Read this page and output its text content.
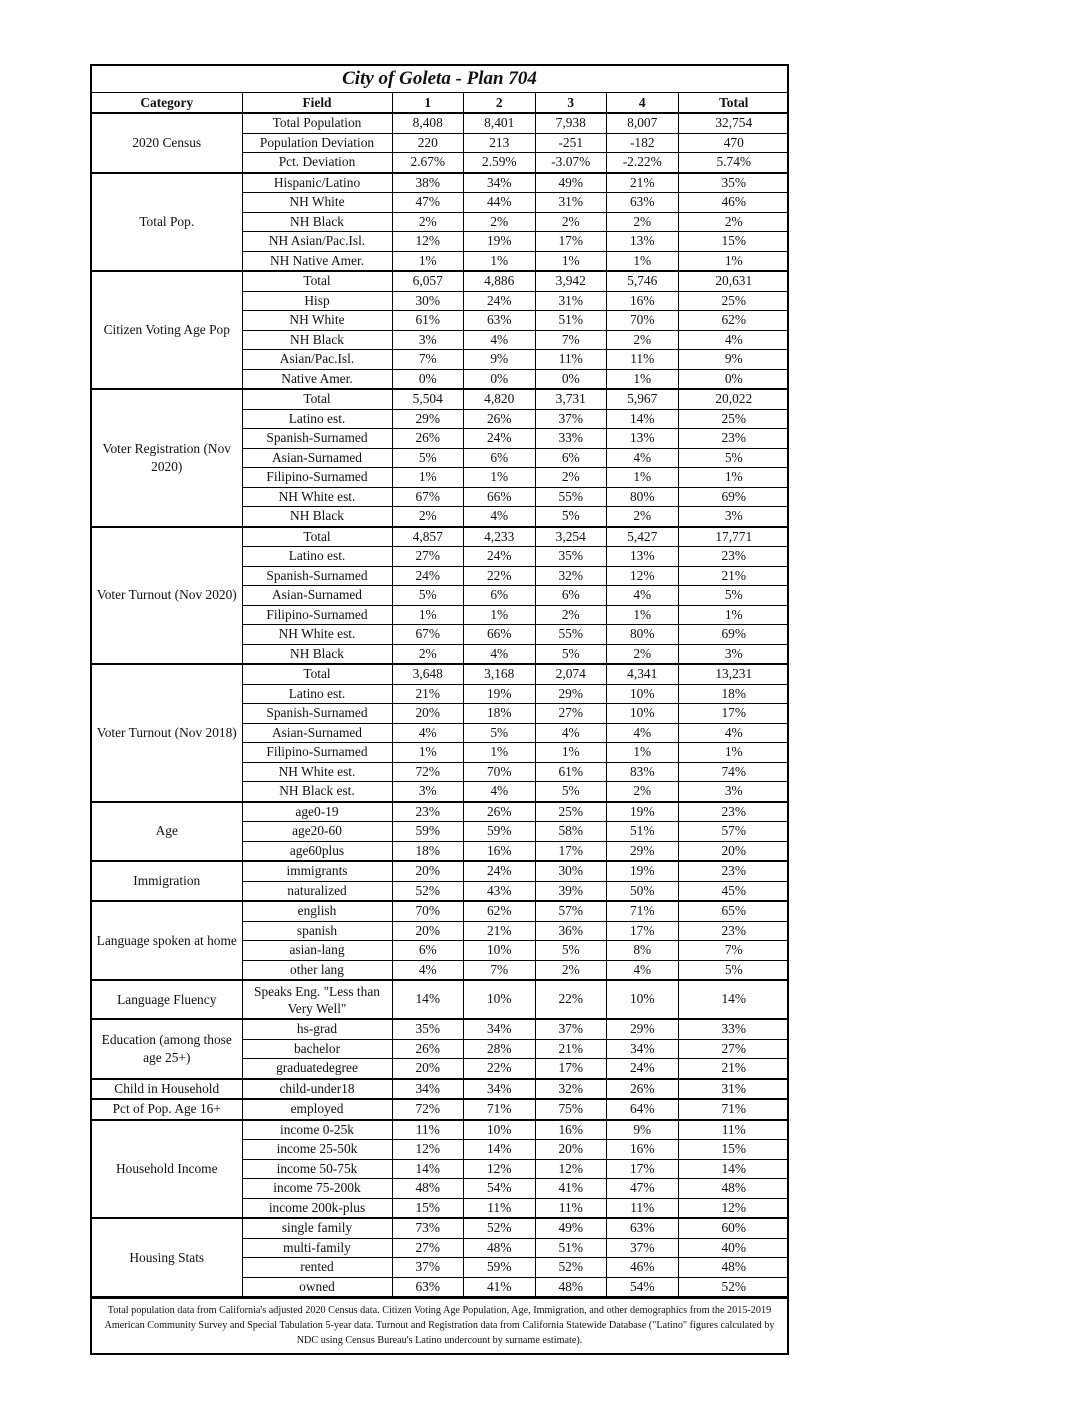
City of Goleta - Plan 704
Category	Field	1	2	3	4	Total
2020 Census	Total Population	8,408	8,401	7,938	8,007	32,754
	Population Deviation	220	213	-251	-182	470
	Pct. Deviation	2.67%	2.59%	-3.07%	-2.22%	5.74%
Total Pop.	Hispanic/Latino	38%	34%	49%	21%	35%
	NH White	47%	44%	31%	63%	46%
	NH Black	2%	2%	2%	2%	2%
	NH Asian/Pac.Isl.	12%	19%	17%	13%	15%
	NH Native Amer.	1%	1%	1%	1%	1%
Citizen Voting Age Pop	Total	6,057	4,886	3,942	5,746	20,631
	Hisp	30%	24%	31%	16%	25%
	NH White	61%	63%	51%	70%	62%
	NH Black	3%	4%	7%	2%	4%
	Asian/Pac.Isl.	7%	9%	11%	11%	9%
	Native Amer.	0%	0%	0%	1%	0%
Voter Registration (Nov 2020)	Total	5,504	4,820	3,731	5,967	20,022
	Latino est.	29%	26%	37%	14%	25%
	Spanish-Surnamed	26%	24%	33%	13%	23%
	Asian-Surnamed	5%	6%	6%	4%	5%
	Filipino-Surnamed	1%	1%	2%	1%	1%
	NH White est.	67%	66%	55%	80%	69%
	NH Black	2%	4%	5%	2%	3%
Voter Turnout (Nov 2020)	Total	4,857	4,233	3,254	5,427	17,771
	Latino est.	27%	24%	35%	13%	23%
	Spanish-Surnamed	24%	22%	32%	12%	21%
	Asian-Surnamed	5%	6%	6%	4%	5%
	Filipino-Surnamed	1%	1%	2%	1%	1%
	NH White est.	67%	66%	55%	80%	69%
	NH Black	2%	4%	5%	2%	3%
Voter Turnout (Nov 2018)	Total	3,648	3,168	2,074	4,341	13,231
	Latino est.	21%	19%	29%	10%	18%
	Spanish-Surnamed	20%	18%	27%	10%	17%
	Asian-Surnamed	4%	5%	4%	4%	4%
	Filipino-Surnamed	1%	1%	1%	1%	1%
	NH White est.	72%	70%	61%	83%	74%
	NH Black est.	3%	4%	5%	2%	3%
Age	age0-19	23%	26%	25%	19%	23%
	age20-60	59%	59%	58%	51%	57%
	age60plus	18%	16%	17%	29%	20%
Immigration	immigrants	20%	24%	30%	19%	23%
	naturalized	52%	43%	39%	50%	45%
Language spoken at home	english	70%	62%	57%	71%	65%
	spanish	20%	21%	36%	17%	23%
	asian-lang	6%	10%	5%	8%	7%
	other lang	4%	7%	2%	4%	5%
Language Fluency	Speaks Eng. "Less than Very Well"	14%	10%	22%	10%	14%
Education (among those age 25+)	hs-grad	35%	34%	37%	29%	33%
	bachelor	26%	28%	21%	34%	27%
	graduatedegree	20%	22%	17%	24%	21%
Child in Household	child-under18	34%	34%	32%	26%	31%
Pct of Pop. Age 16+	employed	72%	71%	75%	64%	71%
Household Income	income 0-25k	11%	10%	16%	9%	11%
	income 25-50k	12%	14%	20%	16%	15%
	income 50-75k	14%	12%	12%	17%	14%
	income 75-200k	48%	54%	41%	47%	48%
	income 200k-plus	15%	11%	11%	11%	12%
Housing Stats	single family	73%	52%	49%	63%	60%
	multi-family	27%	48%	51%	37%	40%
	rented	37%	59%	52%	46%	48%
	owned	63%	41%	48%	54%	52%
Total population data from California's adjusted 2020 Census data. Citizen Voting Age Population, Age, Immigration, and other demographics from the 2015-2019 American Community Survey and Special Tabulation 5-year data. Turnout and Registration data from California Statewide Database ("Latino" figures calculated by NDC using Census Bureau's Latino undercount by surname estimate).
